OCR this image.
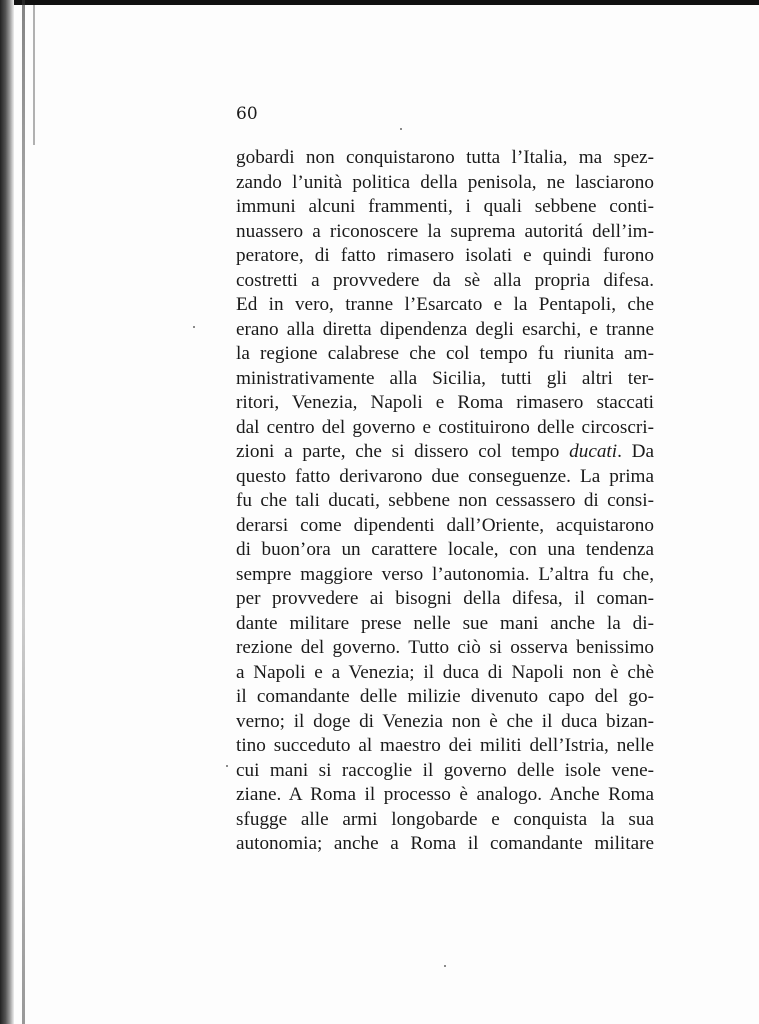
60
gobardi non conquistarono tutta l’Italia, ma spez-
zando l’unità politica della penisola, ne lasciarono
immuni alcuni frammenti, i quali sebbene conti-
nuassero a riconoscere la suprema autoritá dell’im-
peratore, di fatto rimasero isolati e quindi furono
costretti a provvedere da sè alla propria difesa.
Ed in vero, tranne l’Esarcato e la Pentapoli, che
erano alla diretta dipendenza degli esarchi, e tranne
la regione calabrese che col tempo fu riunita am-
ministrativamente alla Sicilia, tutti gli altri ter-
ritori, Venezia, Napoli e Roma rimasero staccati
dal centro del governo e costituirono delle circoscri-
zioni a parte, che si dissero col tempo ducati. Da
questo fatto derivarono due conseguenze. La prima
fu che tali ducati, sebbene non cessassero di consi-
derarsi come dipendenti dall’Oriente, acquistarono
di buon’ora un carattere locale, con una tendenza
sempre maggiore verso l’autonomia. L’altra fu che,
per provvedere ai bisogni della difesa, il coman-
dante militare prese nelle sue mani anche la di-
rezione del governo. Tutto ciò si osserva benissimo
a Napoli e a Venezia; il duca di Napoli non è chè
il comandante delle milizie divenuto capo del go-
verno; il doge di Venezia non è che il duca bizan-
tino succeduto al maestro dei militi dell’Istria, nelle
cui mani si raccoglie il governo delle isole vene-
ziane. A Roma il processo è analogo. Anche Roma
sfugge alle armi longobarde e conquista la sua
autonomia; anche a Roma il comandante militare
